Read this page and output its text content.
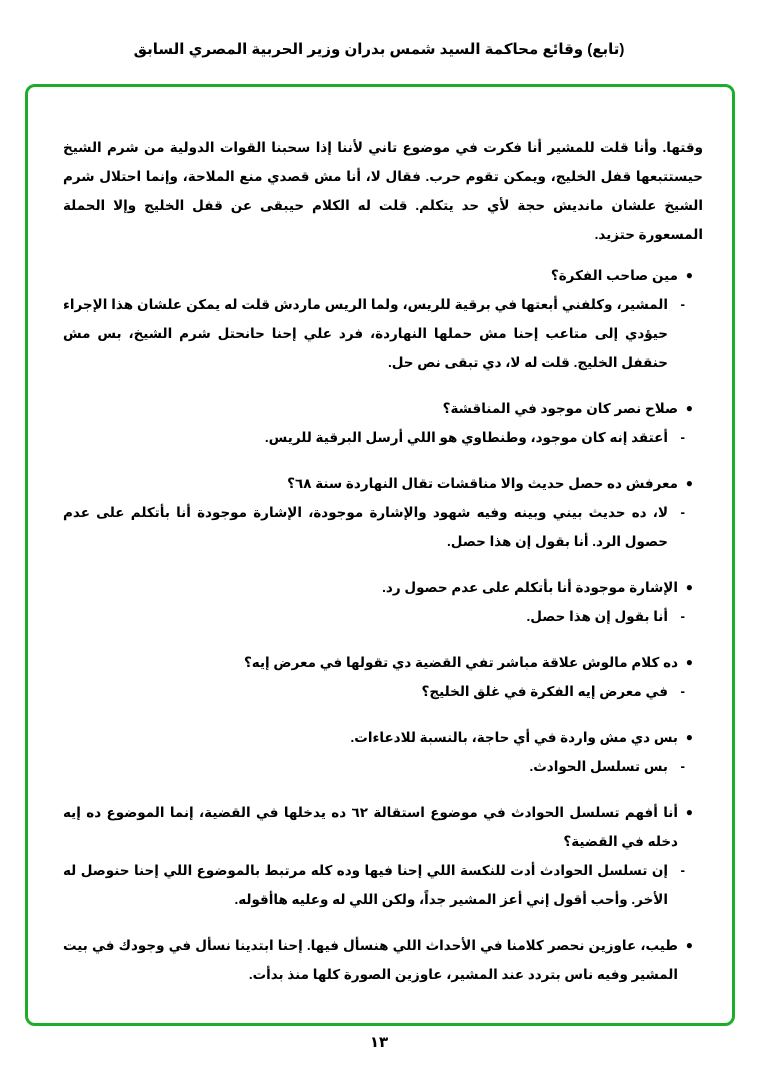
(تابع) وقائع محاكمة السيد شمس بدران وزير الحربية المصري السابق

وقتها. وأنا قلت للمشير أنا فكرت في موضوع تاني لأننا إذا سحبنا القوات الدولية من شرم الشيخ حيستتبعها قفل الخليج، ويمكن تقوم حرب. فقال لا، أنا مش قصدي منع الملاحة، وإنما احتلال شرم الشيخ علشان مانديش حجة لأي حد يتكلم. قلت له الكلام حيبقى عن قفل الخليج وإلا الحملة المسعورة حتزيد.

●
مين صاحب الفكرة؟

-
المشير، وكلفني أبعتها في برقية للريس، ولما الريس ماردش قلت له يمكن علشان هذا الإجراء حيؤدي إلى متاعب إحنا مش حملها النهاردة، فرد علي إحنا حانحتل شرم الشيخ، بس مش حنقفل الخليج. قلت له لا، دي تبقى نص حل.

●
صلاح نصر كان موجود في المناقشة؟

-
أعتقد إنه كان موجود، وطنطاوي هو اللي أرسل البرقية للريس.

●
معرفش ده حصل حديث والا مناقشات تقال النهاردة سنة ٦٨؟

-
لا، ده حديث بيني وبينه وفيه شهود والإشارة موجودة، الإشارة موجودة أنا بأتكلم على عدم حصول الرد. أنا بقول إن هذا حصل.

●
الإشارة موجودة أنا بأتكلم على عدم حصول رد.

-
أنا بقول إن هذا حصل.

●
ده كلام مالوش علاقة مباشر تفي القضية دي تقولها في معرض إيه؟

-
في معرض إيه الفكرة في غلق الخليج؟

●
بس دي مش واردة في أي حاجة، بالنسبة للادعاءات.

-
بس تسلسل الحوادث.

●
أنا أفهم تسلسل الحوادث في موضوع استقالة ٦٢ ده يدخلها في القضية، إنما الموضوع ده إيه دخله في القضية؟

-
إن تسلسل الحوادث أدت للنكسة اللي إحنا فيها وده كله مرتبط بالموضوع اللي إحنا حنوصل له الأخر. وأحب أقول إني أعز المشير جداً، ولكن اللي له وعليه هاأقوله.

●
طيب، عاوزين نحصر كلامنا في الأحداث اللي هنسأل فيها. إحنا ابتدينا نسأل في وجودك في بيت المشير وفيه ناس بتردد عند المشير، عاوزين الصورة كلها منذ بدأت.

١٣
